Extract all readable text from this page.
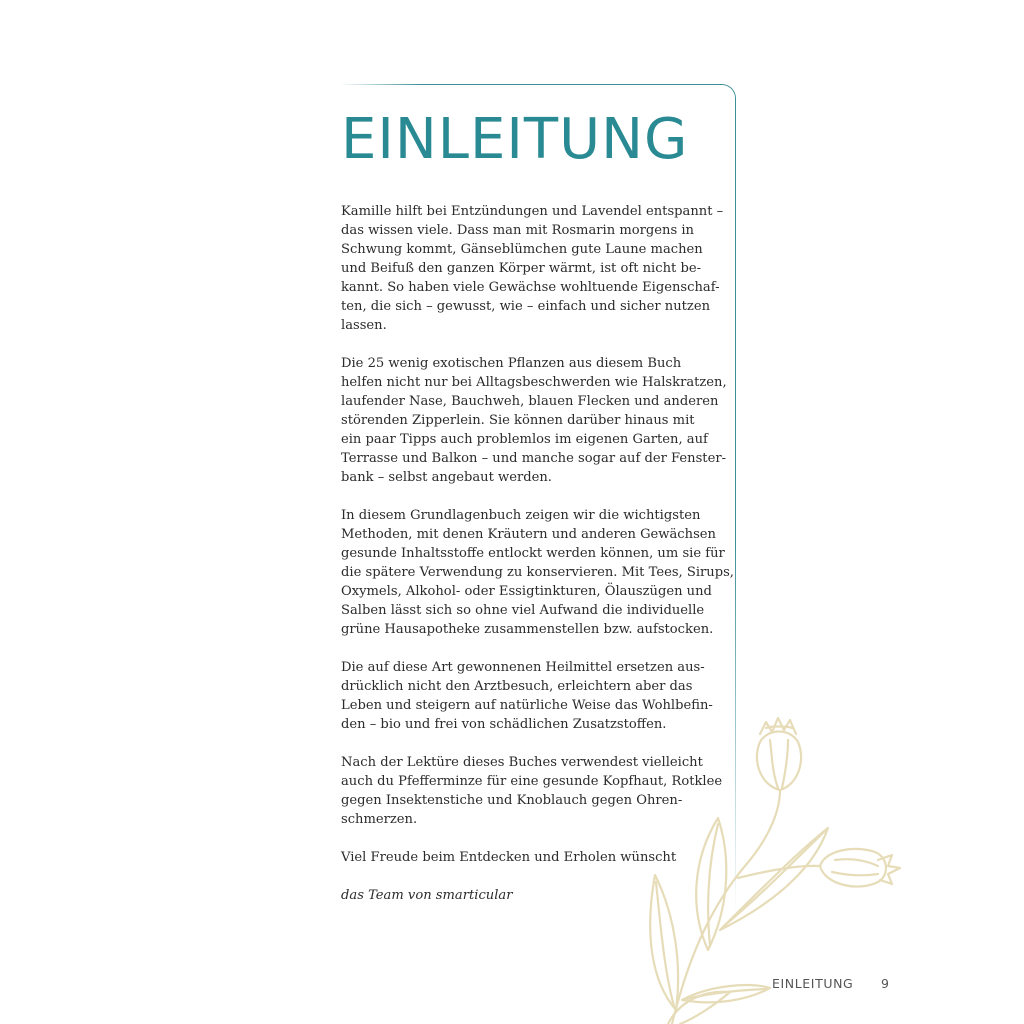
EINLEITUNG

Kamille hilft bei Entzündungen und Lavendel entspannt –
das wissen viele. Dass man mit Rosmarin morgens in
Schwung kommt, Gänseblümchen gute Laune machen
und Beifuß den ganzen Körper wärmt, ist oft nicht be-
kannt. So haben viele Gewächse wohltuende Eigenschaf-
ten, die sich – gewusst, wie – einfach und sicher nutzen
lassen.

Die 25 wenig exotischen Pflanzen aus diesem Buch
helfen nicht nur bei Alltagsbeschwerden wie Halskratzen,
laufender Nase, Bauchweh, blauen Flecken und anderen
störenden Zipperlein. Sie können darüber hinaus mit
ein paar Tipps auch problemlos im eigenen Garten, auf
Terrasse und Balkon – und manche sogar auf der Fenster-
bank – selbst angebaut werden.

In diesem Grundlagenbuch zeigen wir die wichtigsten
Methoden, mit denen Kräutern und anderen Gewächsen
gesunde Inhaltsstoffe entlockt werden können, um sie für
die spätere Verwendung zu konservieren. Mit Tees, Sirups,
Oxymels, Alkohol- oder Essigtinkturen, Ölauszügen und
Salben lässt sich so ohne viel Aufwand die individuelle
grüne Hausapotheke zusammenstellen bzw. aufstocken.

Die auf diese Art gewonnenen Heilmittel ersetzen aus-
drücklich nicht den Arztbesuch, erleichtern aber das
Leben und steigern auf natürliche Weise das Wohlbefin-
den – bio und frei von schädlichen Zusatzstoffen.

Nach der Lektüre dieses Buches verwendest vielleicht
auch du Pfefferminze für eine gesunde Kopfhaut, Rotklee
gegen Insektenstiche und Knoblauch gegen Ohren-
schmerzen.

Viel Freude beim Entdecken und Erholen wünscht

das Team von smarticular

EINLEITUNG 9
